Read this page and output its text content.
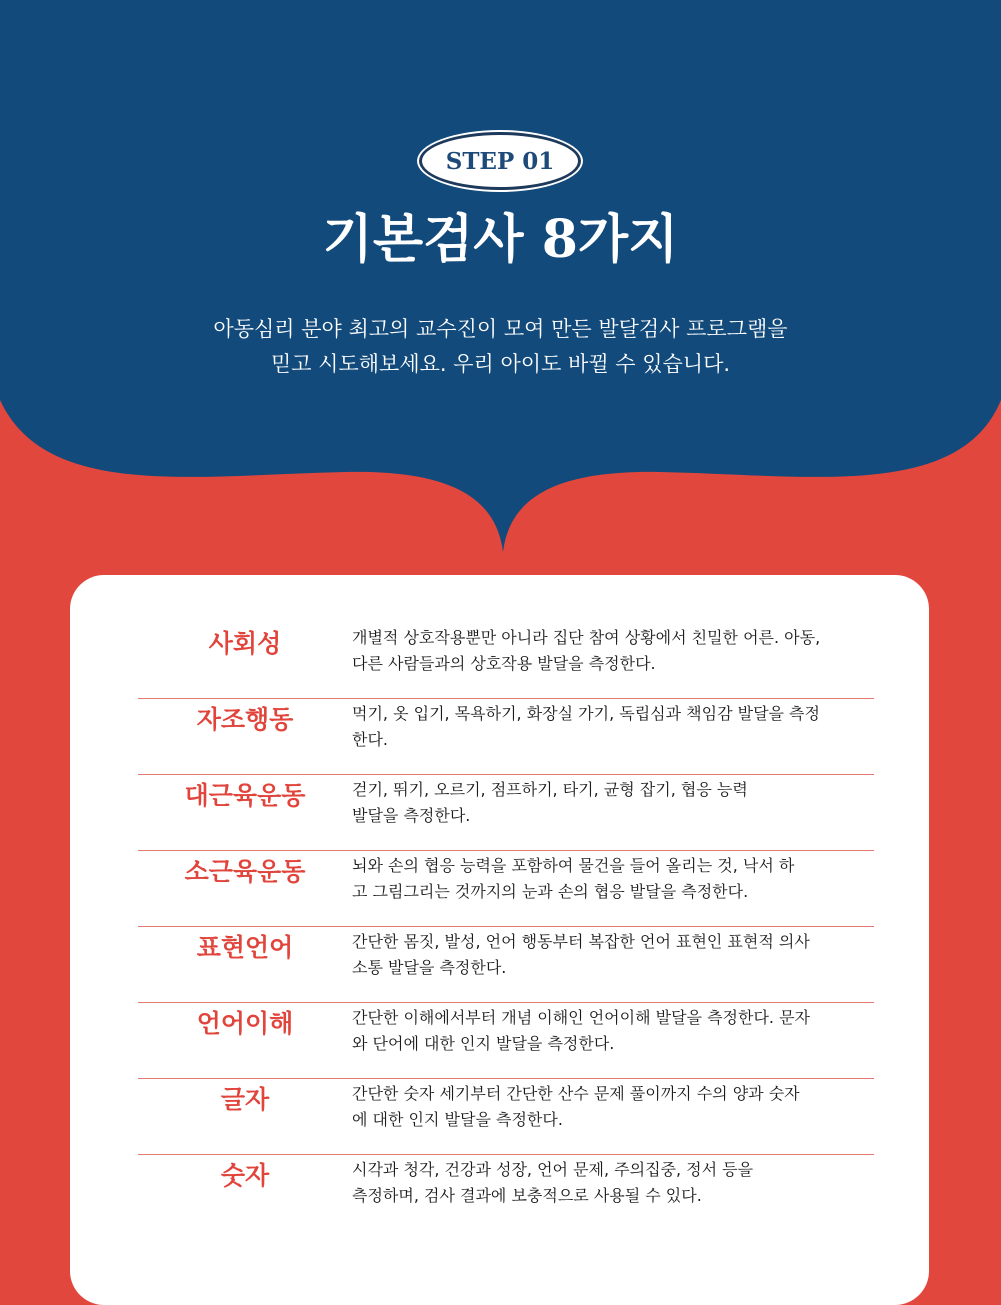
STEP 01
기본검사 8가지
아동심리 분야 최고의 교수진이 모여 만든 발달검사 프로그램을
믿고 시도해보세요. 우리 아이도 바뀔 수 있습니다.
사회성	개별적 상호작용뿐만 아니라 집단 참여 상황에서 친밀한 어른. 아동,
다른 사람들과의 상호작용 발달을 측정한다.
자조행동	먹기, 옷 입기, 목욕하기, 화장실 가기, 독립심과 책임감 발달을 측정
한다.
대근육운동	걷기, 뛰기, 오르기, 점프하기, 타기, 균형 잡기, 협응 능력
발달을 측정한다.
소근육운동	뇌와 손의 협응 능력을 포함하여 물건을 들어 올리는 것, 낙서 하
고 그림그리는 것까지의 눈과 손의 협응 발달을 측정한다.
표현언어	간단한 몸짓, 발성, 언어 행동부터 복잡한 언어 표현인 표현적 의사
소통 발달을 측정한다.
언어이해	간단한 이해에서부터 개념 이해인 언어이해 발달을 측정한다. 문자
와 단어에 대한 인지 발달을 측정한다.
글자	간단한 숫자 세기부터 간단한 산수 문제 풀이까지 수의 양과 숫자
에 대한 인지 발달을 측정한다.
숫자	시각과 청각, 건강과 성장, 언어 문제, 주의집중, 정서 등을
측정하며, 검사 결과에 보충적으로 사용될 수 있다.
